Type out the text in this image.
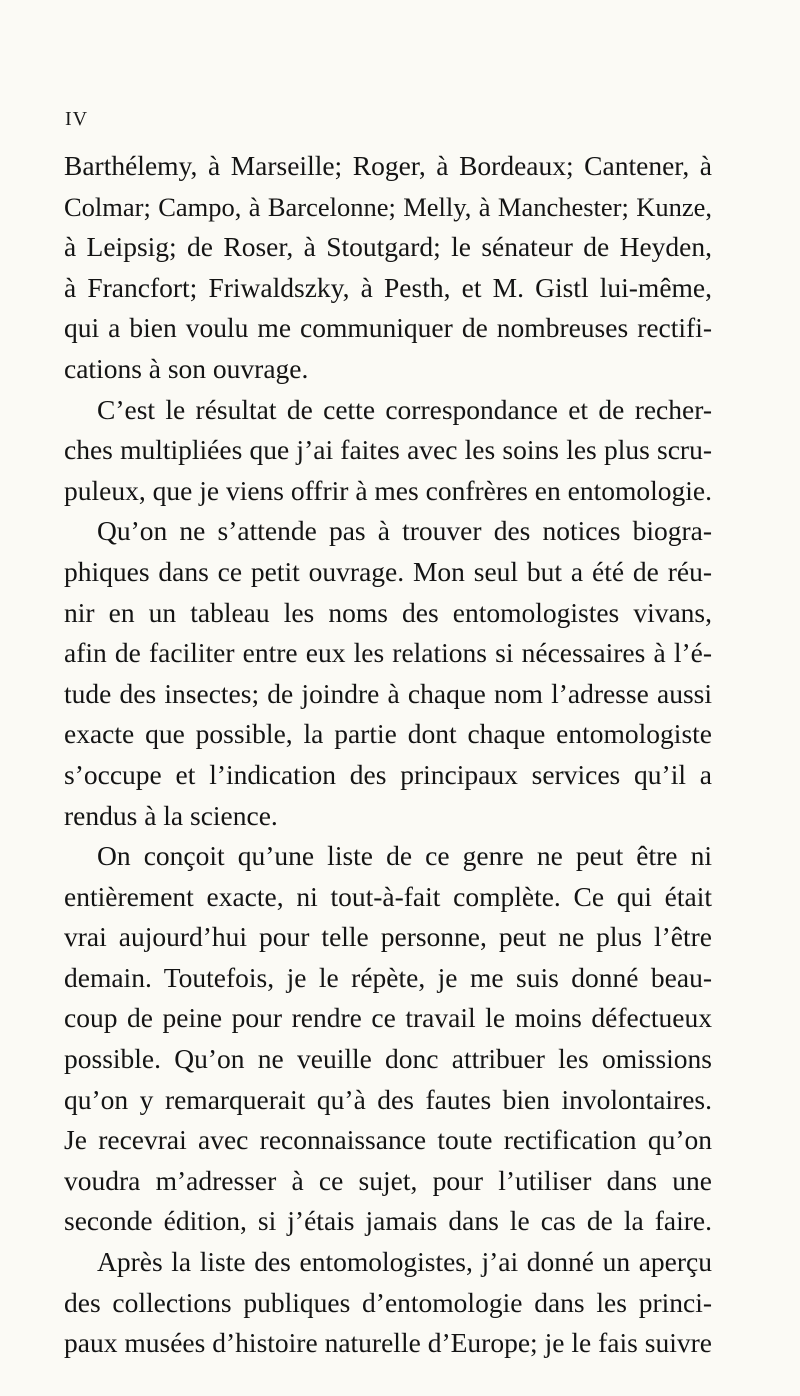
IV
Barthélemy, à Marseille; Roger, à Bordeaux; Cantener, à
Colmar; Campo, à Barcelonne; Melly, à Manchester; Kunze,
à Leipsig; de Roser, à Stoutgard; le sénateur de Heyden,
à Francfort; Friwaldszky, à Pesth, et M. Gistl lui-même,
qui a bien voulu me communiquer de nombreuses rectifi-
cations à son ouvrage.
C’est le résultat de cette correspondance et de recher-
ches multipliées que j’ai faites avec les soins les plus scru-
puleux, que je viens offrir à mes confrères en entomologie.
Qu’on ne s’attende pas à trouver des notices biogra-
phiques dans ce petit ouvrage. Mon seul but a été de réu-
nir en un tableau les noms des entomologistes vivans,
afin de faciliter entre eux les relations si nécessaires à l’é-
tude des insectes; de joindre à chaque nom l’adresse aussi
exacte que possible, la partie dont chaque entomologiste
s’occupe et l’indication des principaux services qu’il a
rendus à la science.
On conçoit qu’une liste de ce genre ne peut être ni
entièrement exacte, ni tout-à-fait complète. Ce qui était
vrai aujourd’hui pour telle personne, peut ne plus l’être
demain. Toutefois, je le répète, je me suis donné beau-
coup de peine pour rendre ce travail le moins défectueux
possible. Qu’on ne veuille donc attribuer les omissions
qu’on y remarquerait qu’à des fautes bien involontaires.
Je recevrai avec reconnaissance toute rectification qu’on
voudra m’adresser à ce sujet, pour l’utiliser dans une
seconde édition, si j’étais jamais dans le cas de la faire.
Après la liste des entomologistes, j’ai donné un aperçu
des collections publiques d’entomologie dans les princi-
paux musées d’histoire naturelle d’Europe; je le fais suivre
